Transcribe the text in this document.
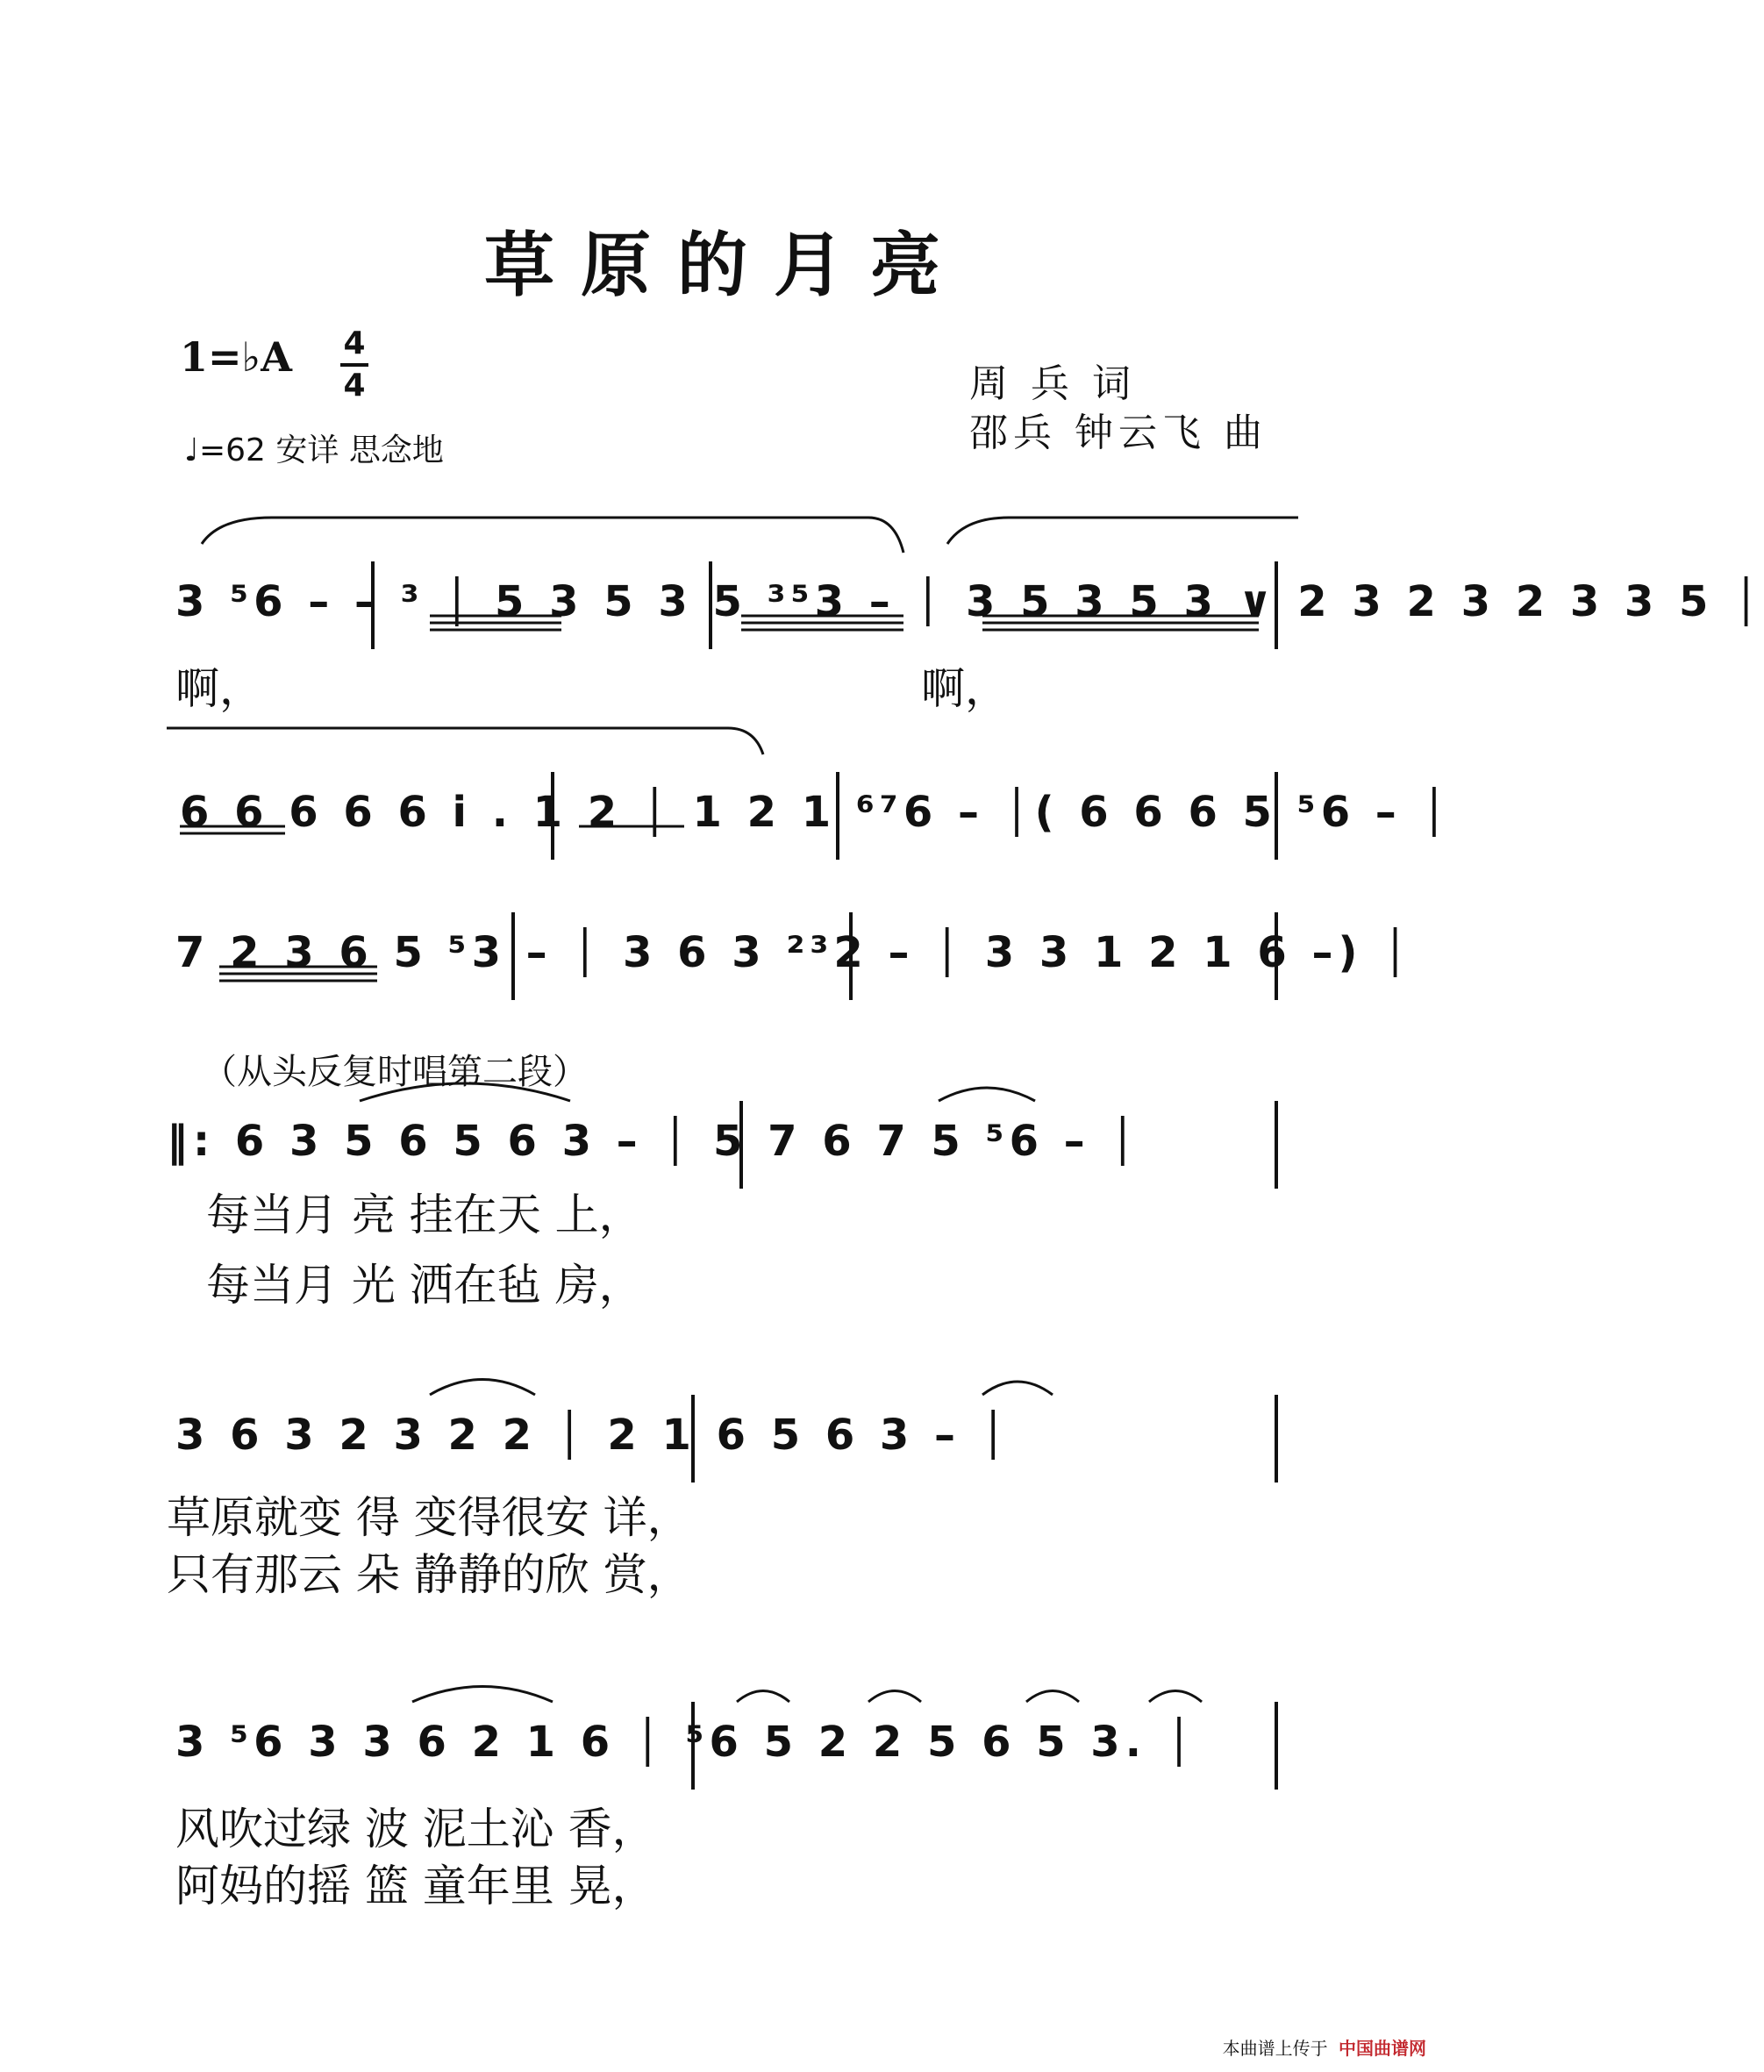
草原的月亮
1=♭A 4
4
♩=62 安详 思念地
周 兵 词
邵兵 钟云飞 曲
3 ⁵6 – – ³ │ 5 3 5 3 5 ³⁵3 – │ 3 5 3 5 3 ∨ 2 3 2 3 2 3 3 5 │
啊，	啊，
6 6 6 6 6 i . 1 2 │ 1 2 1 ⁶⁷6 – │( 6 6 6 5 ⁵6 – │
7 2 3 6 5 ⁵3 – │ 3 6 3 ²³2 – │ 3 3 1 2 1 6 –) │
（从头反复时唱第二段）
‖: 6 3 5 6 5 6 3 – │ 5 7 6 7 5 ⁵6 – │
每当月 亮 挂在天 上，
每当月 光 洒在毡 房，
3 6 3 2 3 2 2 │ 2 1 6 5 6 3 – │
草原就变 得 变得很安 详，
只有那云 朵 静静的欣 赏，
3 ⁵6 3 3 6 2 1 6 │ ⁵6 5 2 2 5 6 5 3. │
风吹过绿 波 泥土沁 香，
阿妈的摇 篮 童年里 晃，
本曲谱上传于 中国曲谱网
